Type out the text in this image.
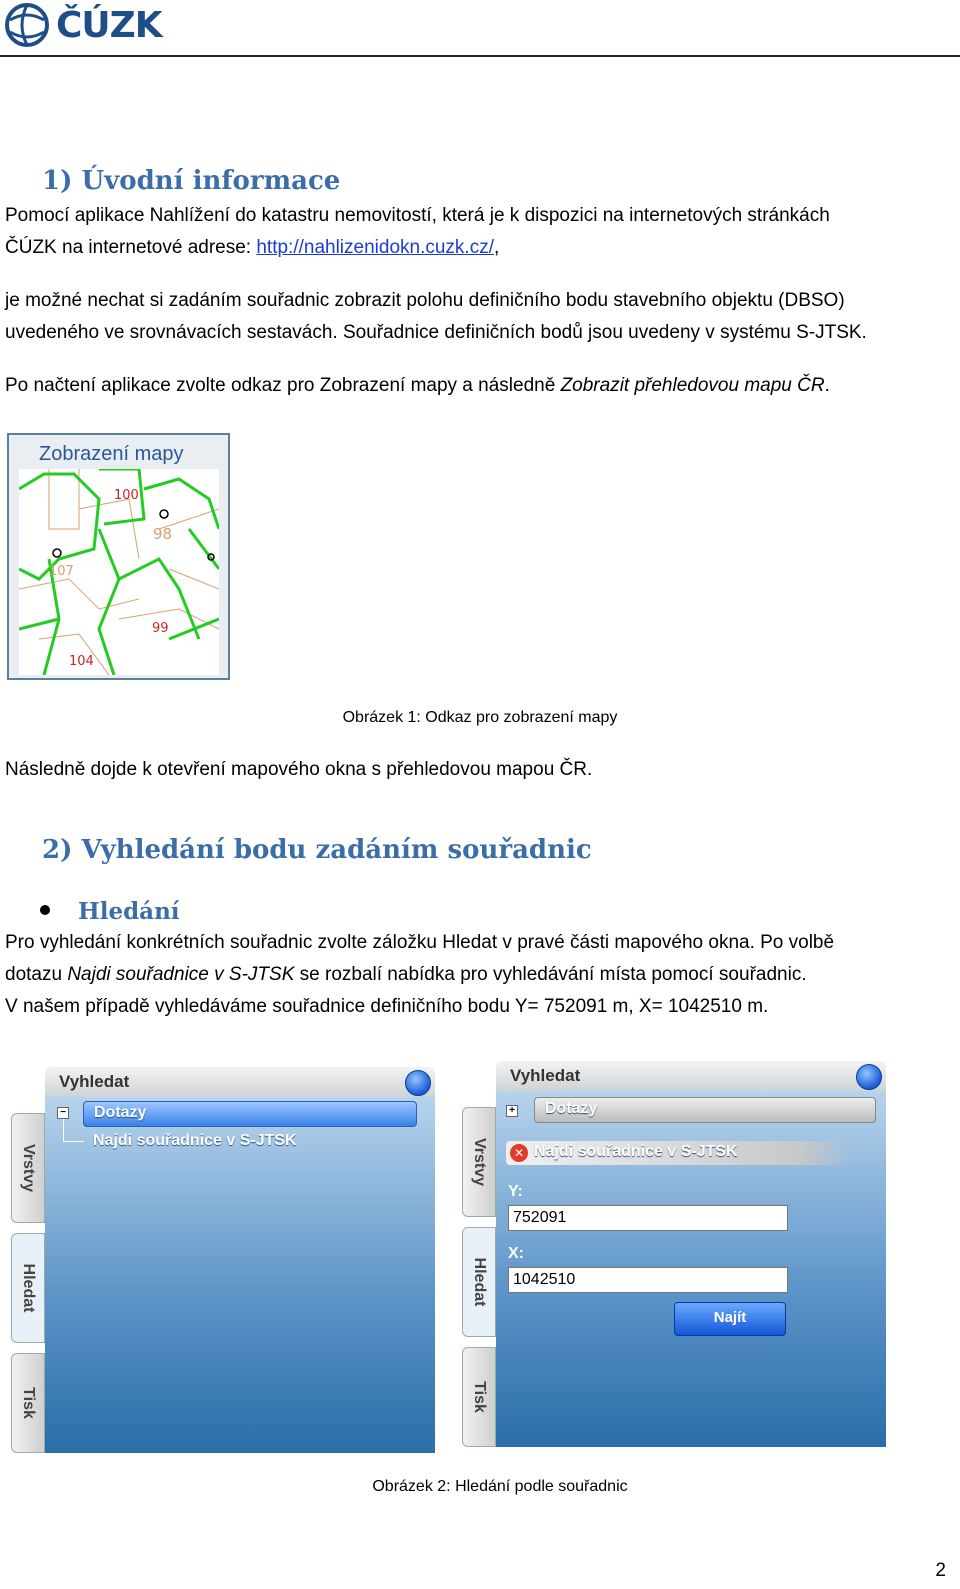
ČÚZK
1) Úvodní informace
Pomocí aplikace Nahlížení do katastru nemovitostí, která je k dispozici na internetových stránkách
ČÚZK na internetové adrese: http://nahlizenidokn.cuzk.cz/,
je možné nechat si zadáním souřadnic zobrazit polohu definičního bodu stavebního objektu (DBSO)
uvedeného ve srovnávacích sestavách. Souřadnice definičních bodů jsou uvedeny v systému S-JTSK.
Po načtení aplikace zvolte odkaz pro Zobrazení mapy a následně Zobrazit přehledovou mapu ČR.
Zobrazení mapy
100
107
99
104
98
Obrázek 1: Odkaz pro zobrazení mapy
Následně dojde k otevření mapového okna s přehledovou mapou ČR.
2) Vyhledání bodu zadáním souřadnic
Hledání
Pro vyhledání konkrétních souřadnic zvolte záložku Hledat v pravé části mapového okna. Po volbě
dotazu Najdi souřadnice v S-JTSK se rozbalí nabídka pro vyhledávání místa pomocí souřadnic.
V našem případě vyhledáváme souřadnice definičního bodu Y= 752091 m, X= 1042510 m.
Vyhledat
Vrstvy
Hledat
Tisk
− Dotazy
Najdi souřadnice v S-JTSK
Vyhledat
Vrstvy
Hledat
Tisk
+ Dotazy
✕ Najdi souřadnice v S-JTSK
Y:
752091
X:
1042510
Najít
Obrázek 2: Hledání podle souřadnic
2
